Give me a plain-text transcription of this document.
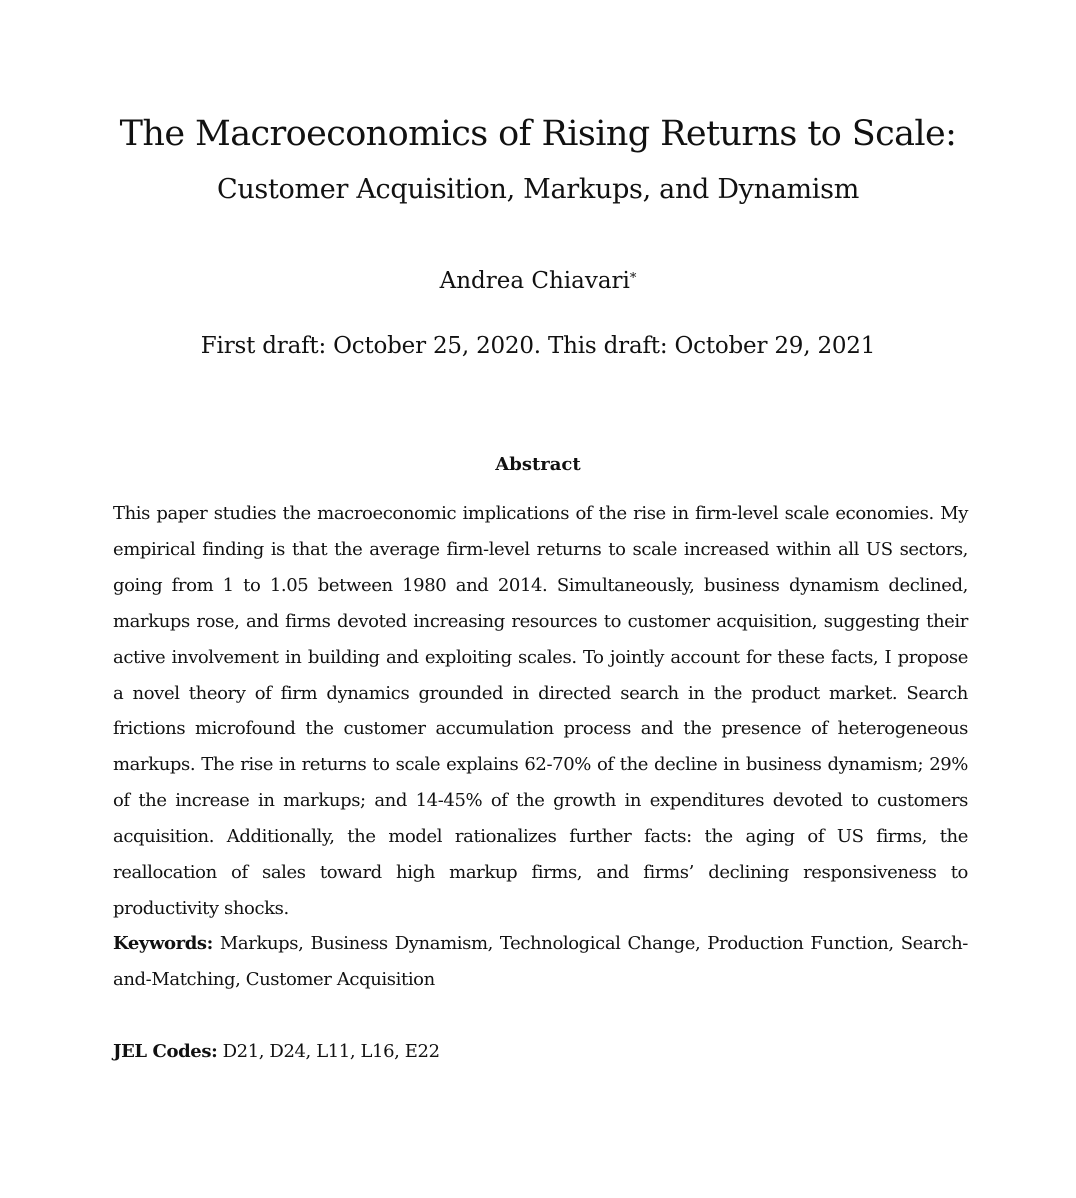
The Macroeconomics of Rising Returns to Scale:
Customer Acquisition, Markups, and Dynamism
Andrea Chiavari*
First draft: October 25, 2020. This draft: October 29, 2021
Abstract
This paper studies the macroeconomic implications of the rise in firm-level scale economies. My empirical finding is that the average firm-level returns to scale increased within all US sectors, going from 1 to 1.05 between 1980 and 2014. Simultaneously, business dynamism declined, markups rose, and firms devoted increasing resources to customer acquisition, suggesting their active involvement in building and exploiting scales. To jointly account for these facts, I propose a novel theory of firm dynamics grounded in directed search in the product market. Search frictions microfound the customer accumulation process and the presence of heterogeneous markups. The rise in returns to scale explains 62-70% of the decline in business dynamism; 29% of the increase in markups; and 14-45% of the growth in expenditures devoted to customers acquisition. Additionally, the model rationalizes further facts: the aging of US firms, the reallocation of sales toward high markup firms, and firms’ declining responsiveness to productivity shocks.
Keywords: Markups, Business Dynamism, Technological Change, Production Function, Search-and-Matching, Customer Acquisition
JEL Codes: D21, D24, L11, L16, E22
